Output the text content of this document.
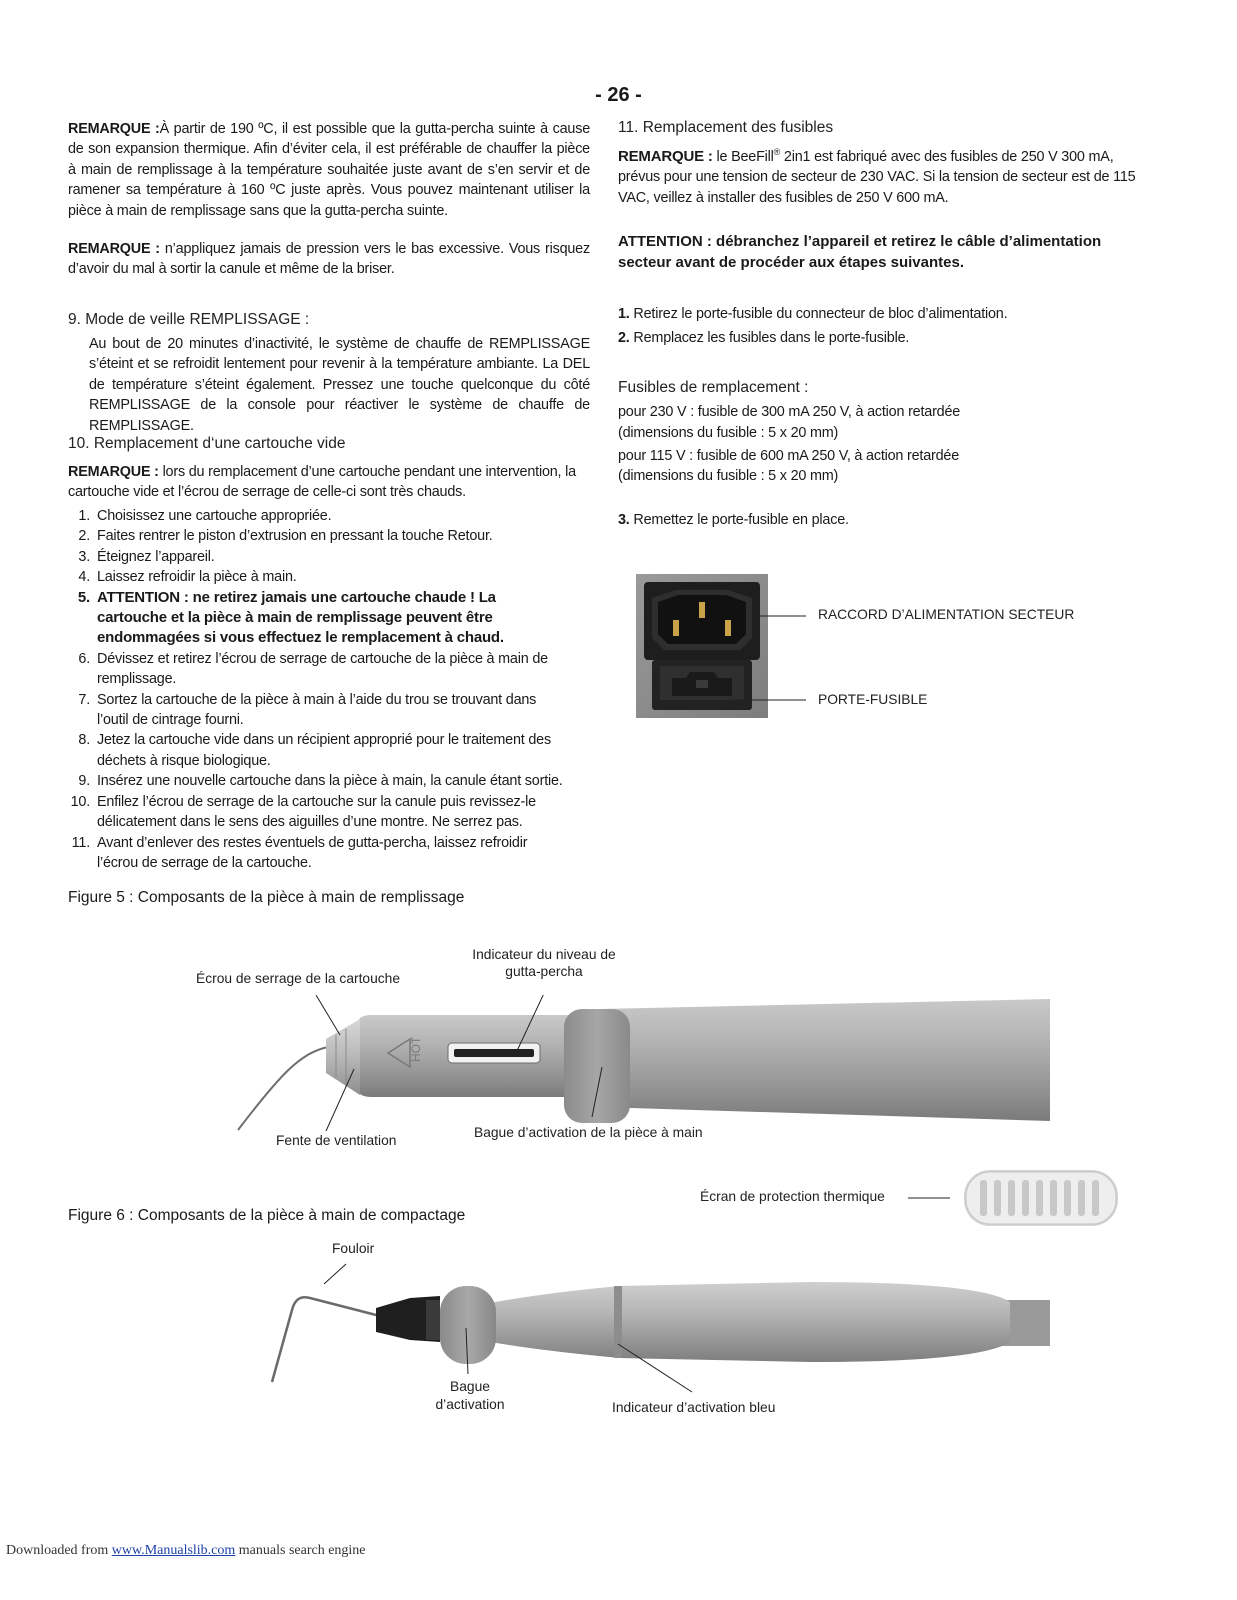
- 26 -
REMARQUE :À partir de 190 ºC, il est possible que la gutta-percha suinte à cause de son expansion thermique. Afin d’éviter cela, il est préférable de chauffer la pièce à main de remplissage à la température souhaitée juste avant de s’en servir et de ramener sa température à 160 ºC juste après. Vous pouvez maintenant utiliser la pièce à main de remplissage sans que la gutta-percha suinte.
REMARQUE : n’appliquez jamais de pression vers le bas excessive. Vous risquez d’avoir du mal à sortir la canule et même de la briser.
9. Mode de veille REMPLISSAGE :
Au bout de 20 minutes d’inactivité, le système de chauffe de REMPLISSAGE s’éteint et se refroidit lentement pour revenir à la température ambiante. La DEL de température s’éteint également. Pressez une touche quelconque du côté REMPLISSAGE de la console pour réactiver le système de chauffe de REMPLISSAGE.
10. Remplacement d‘une cartouche vide
REMARQUE : lors du remplacement d’une cartouche pendant une intervention, la cartouche vide et l’écrou de serrage de celle-ci sont très chauds.
1. Choisissez une cartouche appropriée.
2. Faites rentrer le piston d’extrusion en pressant la touche Retour.
3. Éteignez l’appareil.
4. Laissez refroidir la pièce à main.
5. ATTENTION : ne retirez jamais une cartouche chaude ! La cartouche et la pièce à main de remplissage peuvent être endommagées si vous effectuez le remplacement à chaud.
6. Dévissez et retirez l’écrou de serrage de cartouche de la pièce à main de remplissage.
7. Sortez la cartouche de la pièce à main à l’aide du trou se trouvant dans l’outil de cintrage fourni.
8. Jetez la cartouche vide dans un récipient approprié pour le traitement des déchets à risque biologique.
9. Insérez une nouvelle cartouche dans la pièce à main, la canule étant sortie.
10. Enfilez l’écrou de serrage de la cartouche sur la canule puis revissez-le délicatement dans le sens des aiguilles d’une montre. Ne serrez pas.
11. Avant d’enlever des restes éventuels de gutta-percha, laissez refroidir l’écrou de serrage de la cartouche.
11. Remplacement des fusibles
REMARQUE : le BeeFill® 2in1 est fabriqué avec des fusibles de 250 V 300 mA, prévus pour une tension de secteur de 230 VAC. Si la tension de secteur est de 115 VAC, veillez à installer des fusibles de 250 V 600 mA.
ATTENTION : débranchez l’appareil et retirez le câble d’alimentation secteur avant de procéder aux étapes suivantes.
1. Retirez le porte-fusible du connecteur de bloc d’alimentation.
2. Remplacez les fusibles dans le porte-fusible.
Fusibles de remplacement :
pour 230 V : fusible de 300 mA 250 V, à action retardée
(dimensions du fusible : 5 x 20 mm)
pour 115 V : fusible de 600 mA 250 V, à action retardée
(dimensions du fusible : 5 x 20 mm)
3. Remettez le porte-fusible en place.
RACCORD D’ALIMENTATION SECTEUR
PORTE-FUSIBLE
Figure 5 : Composants de la pièce à main de remplissage
HOT
Écrou de serrage de la cartouche
Indicateur du niveau de
gutta-percha
Fente de ventilation
Bague d’activation de la pièce à main
Écran de protection thermique
Figure 6 : Composants de la pièce à main de compactage
Fouloir
Bague
d’activation	Indicateur d’activation bleu
Downloaded from www.Manualslib.com manuals search engine
